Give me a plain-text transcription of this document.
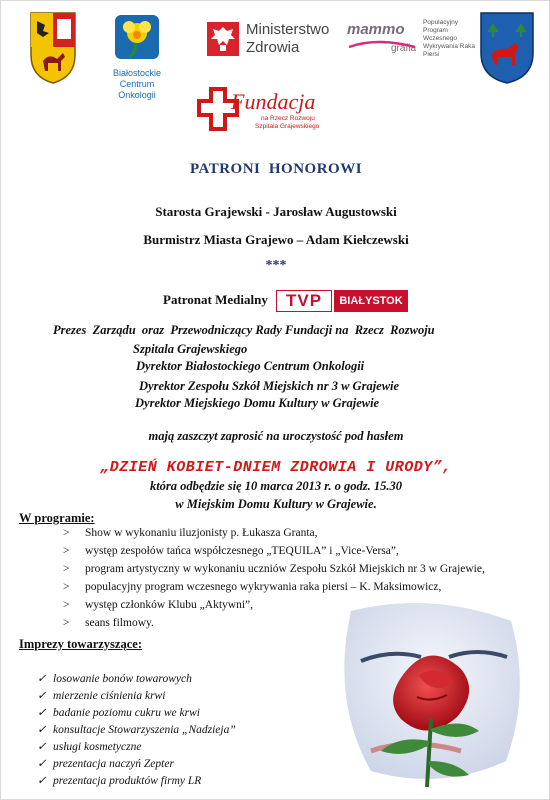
Białostockie Centrum Onkologii
Ministerstwo
Zdrowia
mammo
grafia
Populacyjny Program Wczesnego Wykrywania Raka Piersi
Fundacja
na Rzecz Rozwoju
Szpitala Grajewskiego
PATRONI  HONOROWI
Starosta Grajewski - Jarosław Augustowski
Burmistrz Miasta Grajewo – Adam Kiełczewski
***
Patronat Medialny TVP BIAŁYSTOK
Prezes  Zarządu  oraz  Przewodniczący Rady Fundacji na  Rzecz  Rozwoju
Szpitala Grajewskiego
Dyrektor Białostockiego Centrum Onkologii
Dyrektor Zespołu Szkół Miejskich nr 3 w Grajewie
Dyrektor Miejskiego Domu Kultury w Grajewie
mają zaszczyt zaprosić na uroczystość pod hasłem
„DZIEŃ KOBIET-DNIEM ZDROWIA I URODY”,
która odbędzie się 10 marca 2013 r. o godz. 15.30
w Miejskim Domu Kultury w Grajewie.
W programie:
> Show w wykonaniu iluzjonisty p. Łukasza Granta,
> występ zespołów tańca współczesnego „TEQUILA” i „Vice-Versa”,
> program artystyczny w wykonaniu uczniów Zespołu Szkół Miejskich nr 3 w Grajewie,
> populacyjny program wczesnego wykrywania raka piersi – K. Maksimowicz,
> występ członków Klubu „Aktywni”,
> seans filmowy.
Imprezy towarzyszące:
✓ losowanie bonów towarowych
✓ mierzenie ciśnienia krwi
✓ badanie poziomu cukru we krwi
✓ konsultacje Stowarzyszenia „Nadzieja”
✓ usługi kosmetyczne
✓ prezentacja naczyń Zepter
✓ prezentacja produktów firmy LR
